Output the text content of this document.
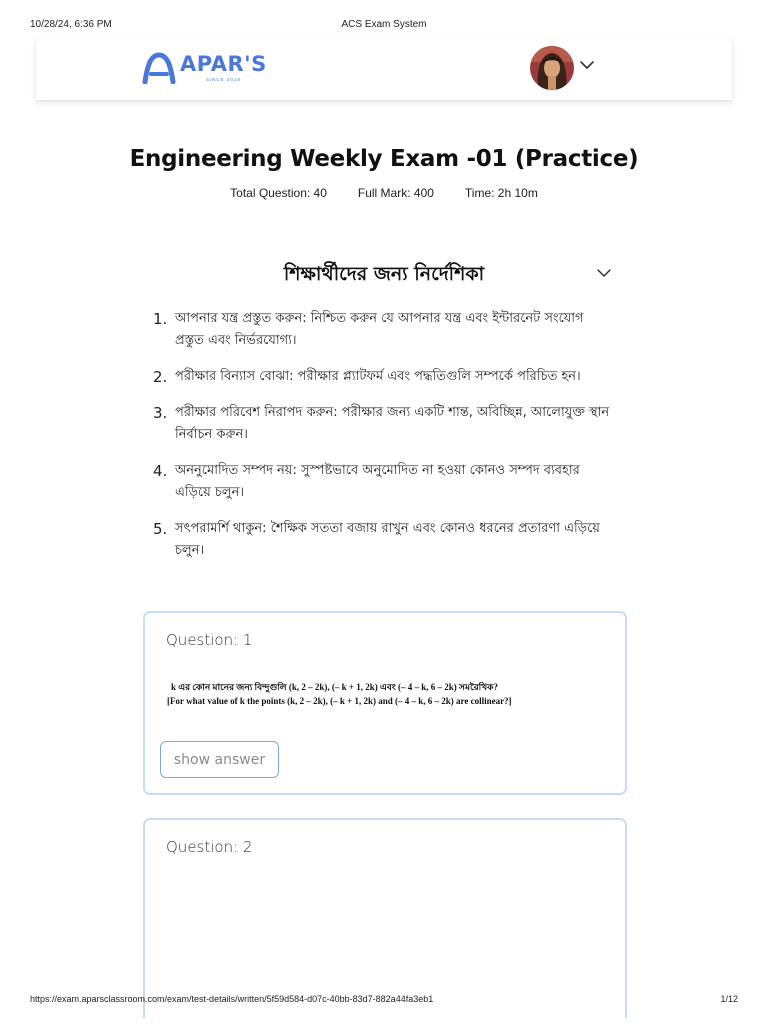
10/28/24, 6:36 PM	ACS Exam System
APAR'S
SINCE 2018
Engineering Weekly Exam -01 (Practice)
Total Question: 40	Full Mark: 400	Time: 2h 10m
শিক্ষার্থীদের জন্য নির্দেশিকা
1. আপনার যন্ত্র প্রস্তুত করুন: নিশ্চিত করুন যে আপনার যন্ত্র এবং ইন্টারনেট সংযোগ প্রস্তুত এবং নির্ভরযোগ্য।
2. পরীক্ষার বিন্যাস বোঝা: পরীক্ষার প্ল্যাটফর্ম এবং পদ্ধতিগুলি সম্পর্কে পরিচিত হন।
3. পরীক্ষার পরিবেশ নিরাপদ করুন: পরীক্ষার জন্য একটি শান্ত, অবিচ্ছিন্ন, আলোযুক্ত স্থান নির্বাচন করুন।
4. অননুমোদিত সম্পদ নয়: সুস্পষ্টভাবে অনুমোদিত না হওয়া কোনও সম্পদ ব্যবহার এড়িয়ে চলুন।
5. সৎপরামর্শি থাকুন: শৈক্ষিক সততা বজায় রাখুন এবং কোনও ধরনের প্রতারণা এড়িয়ে চলুন।
Question: 1
k এর কোন মানের জন্য বিন্দুগুলি (k, 2 – 2k), (– k + 1, 2k) এবং (– 4 – k, 6 – 2k) সমরৈখিক?
[For what value of k the points (k, 2 – 2k), (– k + 1, 2k) and (– 4 – k, 6 – 2k) are collinear?]
show answer
Question: 2
https://exam.aparsclassroom.com/exam/test-details/written/5f59d584-d07c-40bb-83d7-882a44fa3eb1	1/12
